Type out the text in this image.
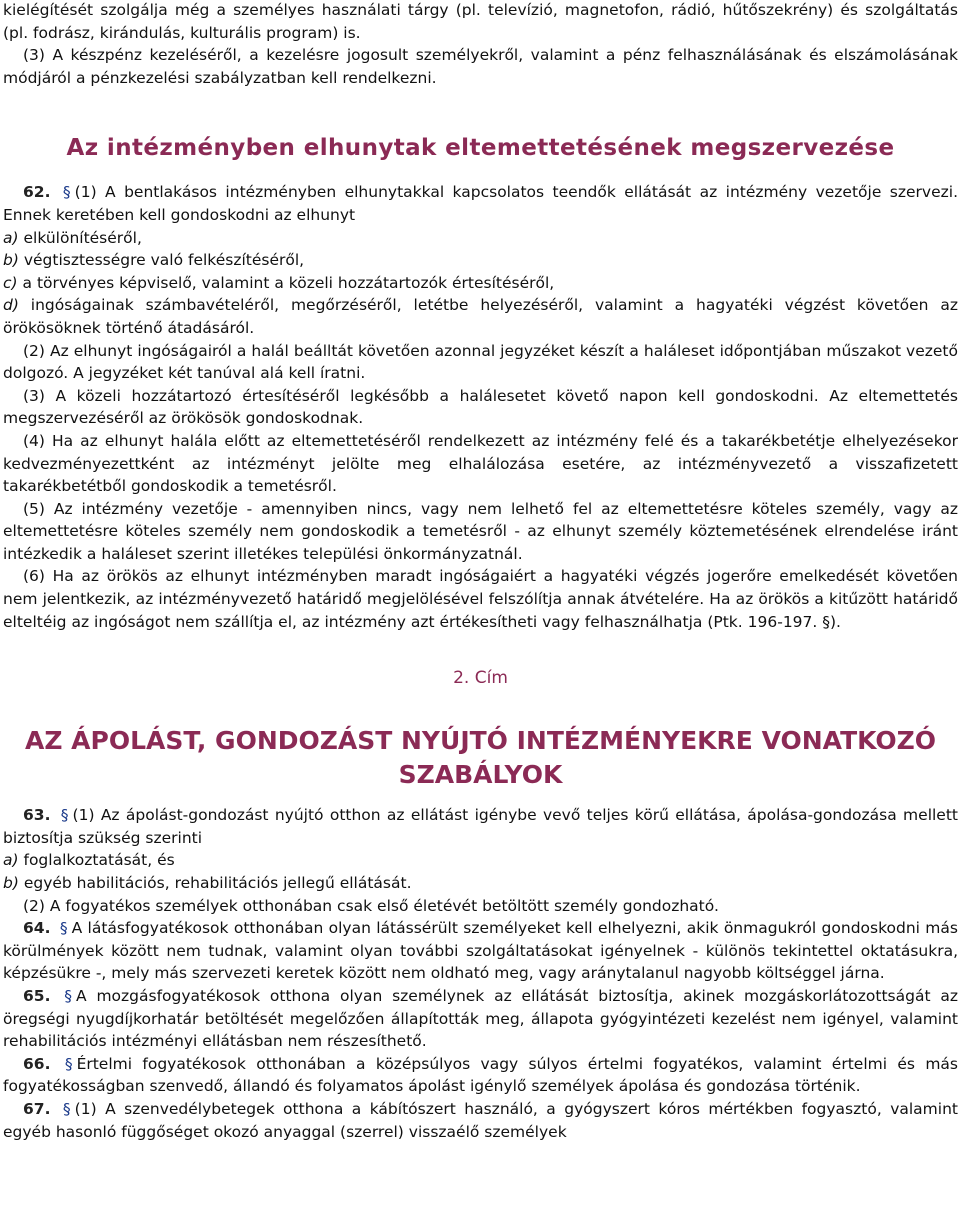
kielégítését szolgálja még a személyes használati tárgy (pl. televízió, magnetofon, rádió, hűtőszekrény) és szolgáltatás (pl. fodrász, kirándulás, kulturális program) is.

(3) A készpénz kezeléséről, a kezelésre jogosult személyekről, valamint a pénz felhasználásának és elszámolásának módjáról a pénzkezelési szabályzatban kell rendelkezni.

Az intézményben elhunytak eltemettetésének megszervezése

62. § (1) A bentlakásos intézményben elhunytakkal kapcsolatos teendők ellátását az intézmény vezetője szervezi. Ennek keretében kell gondoskodni az elhunyt

a) elkülönítéséről,

b) végtisztességre való felkészítéséről,

c) a törvényes képviselő, valamint a közeli hozzátartozók értesítéséről,

d) ingóságainak számbavételéről, megőrzéséről, letétbe helyezéséről, valamint a hagyatéki végzést követően az örökösöknek történő átadásáról.

(2) Az elhunyt ingóságairól a halál beálltát követően azonnal jegyzéket készít a haláleset időpontjában műszakot vezető dolgozó. A jegyzéket két tanúval alá kell íratni.

(3) A közeli hozzátartozó értesítéséről legkésőbb a halálesetet követő napon kell gondoskodni. Az eltemettetés megszervezéséről az örökösök gondoskodnak.

(4) Ha az elhunyt halála előtt az eltemettetéséről rendelkezett az intézmény felé és a takarékbetétje elhelyezésekor kedvezményezettként az intézményt jelölte meg elhalálozása esetére, az intézményvezető a visszafizetett takarékbetétből gondoskodik a temetésről.

(5) Az intézmény vezetője - amennyiben nincs, vagy nem lelhető fel az eltemettetésre köteles személy, vagy az eltemettetésre köteles személy nem gondoskodik a temetésről - az elhunyt személy köztemetésének elrendelése iránt intézkedik a haláleset szerint illetékes települési önkormányzatnál.

(6) Ha az örökös az elhunyt intézményben maradt ingóságaiért a hagyatéki végzés jogerőre emelkedését követően nem jelentkezik, az intézményvezető határidő megjelölésével felszólítja annak átvételére. Ha az örökös a kitűzött határidő elteltéig az ingóságot nem szállítja el, az intézmény azt értékesítheti vagy felhasználhatja (Ptk. 196-197. §).

2. Cím

AZ ÁPOLÁST, GONDOZÁST NYÚJTÓ INTÉZMÉNYEKRE VONATKOZÓ SZABÁLYOK

63. § (1) Az ápolást-gondozást nyújtó otthon az ellátást igénybe vevő teljes körű ellátása, ápolása-gondozása mellett biztosítja szükség szerinti

a) foglalkoztatását, és

b) egyéb habilitációs, rehabilitációs jellegű ellátását.

(2) A fogyatékos személyek otthonában csak első életévét betöltött személy gondozható.

64. § A látásfogyatékosok otthonában olyan látássérült személyeket kell elhelyezni, akik önmagukról gondoskodni más körülmények között nem tudnak, valamint olyan további szolgáltatásokat igényelnek - különös tekintettel oktatásukra, képzésükre -, mely más szervezeti keretek között nem oldható meg, vagy aránytalanul nagyobb költséggel járna.

65. § A mozgásfogyatékosok otthona olyan személynek az ellátását biztosítja, akinek mozgáskorlátozottságát az öregségi nyugdíjkorhatár betöltését megelőzően állapították meg, állapota gyógyintézeti kezelést nem igényel, valamint rehabilitációs intézményi ellátásban nem részesíthető.

66. § Értelmi fogyatékosok otthonában a középsúlyos vagy súlyos értelmi fogyatékos, valamint értelmi és más fogyatékosságban szenvedő, állandó és folyamatos ápolást igénylő személyek ápolása és gondozása történik.

67. § (1) A szenvedélybetegek otthona a kábítószert használó, a gyógyszert kóros mértékben fogyasztó, valamint egyéb hasonló függőséget okozó anyaggal (szerrel) visszaélő személyek
